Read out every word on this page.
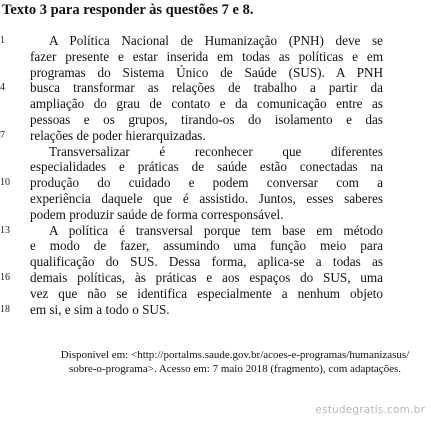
Texto 3 para responder às questões 7 e 8.
1	A Política Nacional de Humanização (PNH) deve se
fazer presente e estar inserida em todas as políticas e em
programas do Sistema Único de Saúde (SUS). A PNH
4	busca transformar as relações de trabalho a partir da
ampliação do grau de contato e da comunicação entre as
pessoas e os grupos, tirando-os do isolamento e das
7	relações de poder hierarquizadas.
Transversalizar é reconhecer que diferentes
especialidades e práticas de saúde estão conectadas na
10	produção do cuidado e podem conversar com a
experiência daquele que é assistido. Juntos, esses saberes
podem produzir saúde de forma corresponsável.
13	A política é transversal porque tem base em método
e modo de fazer, assumindo uma função meio para
qualificação do SUS. Dessa forma, aplica-se a todas as
16	demais políticas, às práticas e aos espaços do SUS, uma
vez que não se identifica especialmente a nenhum objeto
18	em si, e sim a todo o SUS.
Disponível em: <http://portalms.saude.gov.br/acoes-e-programas/humanizasus/
sobre-o-programa>. Acesso em: 7 maio 2018 (fragmento), com adaptações.
estudegratis.com.br
